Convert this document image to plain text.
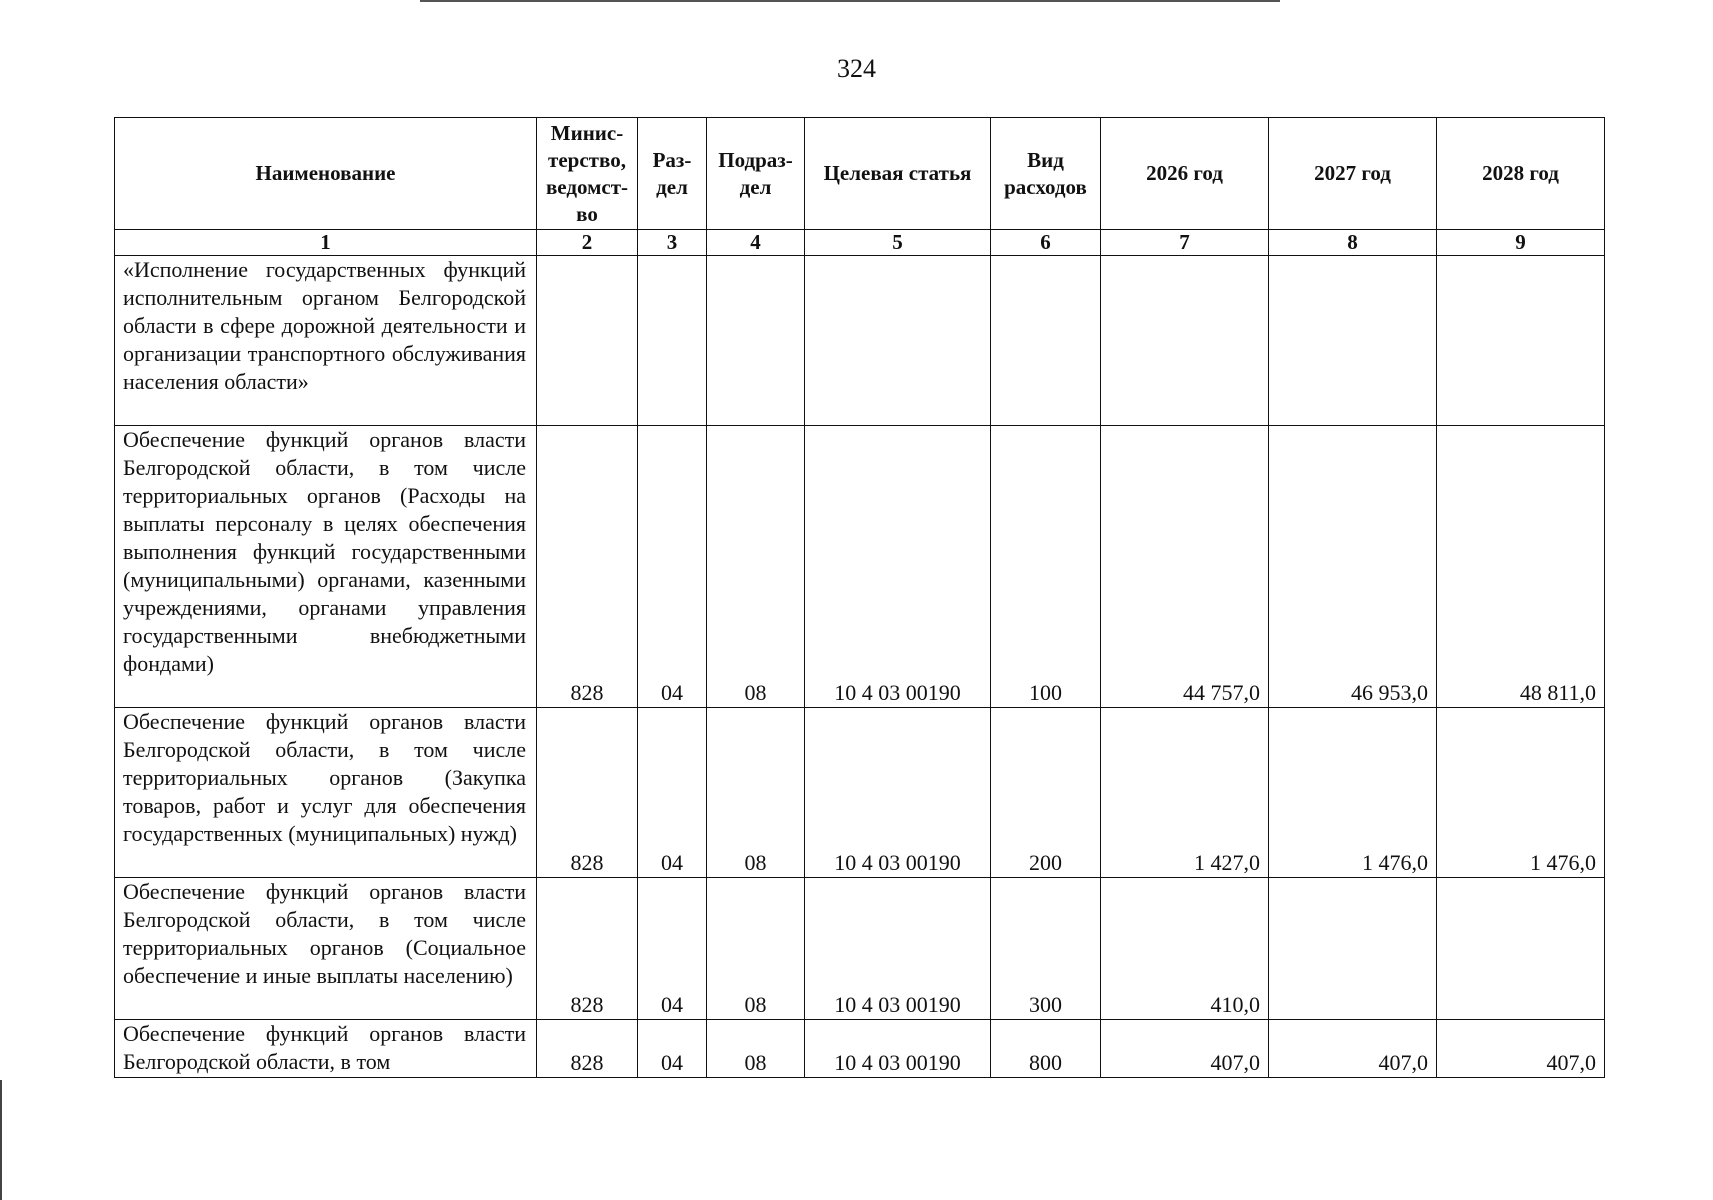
324
Наименование	Минис-терство, ведомст-во	Раз-дел	Подраз-дел	Целевая статья	Вид расходов	2026 год	2027 год	2028 год
1	2	3	4	5	6	7	8	9
«Исполнение государственных функций исполнительным органом Белгородской области в сфере дорожной деятельности и организации транспортного обслуживания населения области»								
Обеспечение функций органов власти Белгородской области, в том числе территориальных органов (Расходы на выплаты персоналу в целях обеспечения выполнения функций государственными (муниципальными) органами, казенными учреждениями, органами управления государственными внебюджетными фондами)	828	04	08	10 4 03 00190	100	44 757,0	46 953,0	48 811,0
Обеспечение функций органов власти Белгородской области, в том числе территориальных органов (Закупка товаров, работ и услуг для обеспечения государственных (муниципальных) нужд)	828	04	08	10 4 03 00190	200	1 427,0	1 476,0	1 476,0
Обеспечение функций органов власти Белгородской области, в том числе территориальных органов (Социальное обеспечение и иные выплаты населению)	828	04	08	10 4 03 00190	300	410,0		
Обеспечение функций органов власти Белгородской области, в том	828	04	08	10 4 03 00190	800	407,0	407,0	407,0
